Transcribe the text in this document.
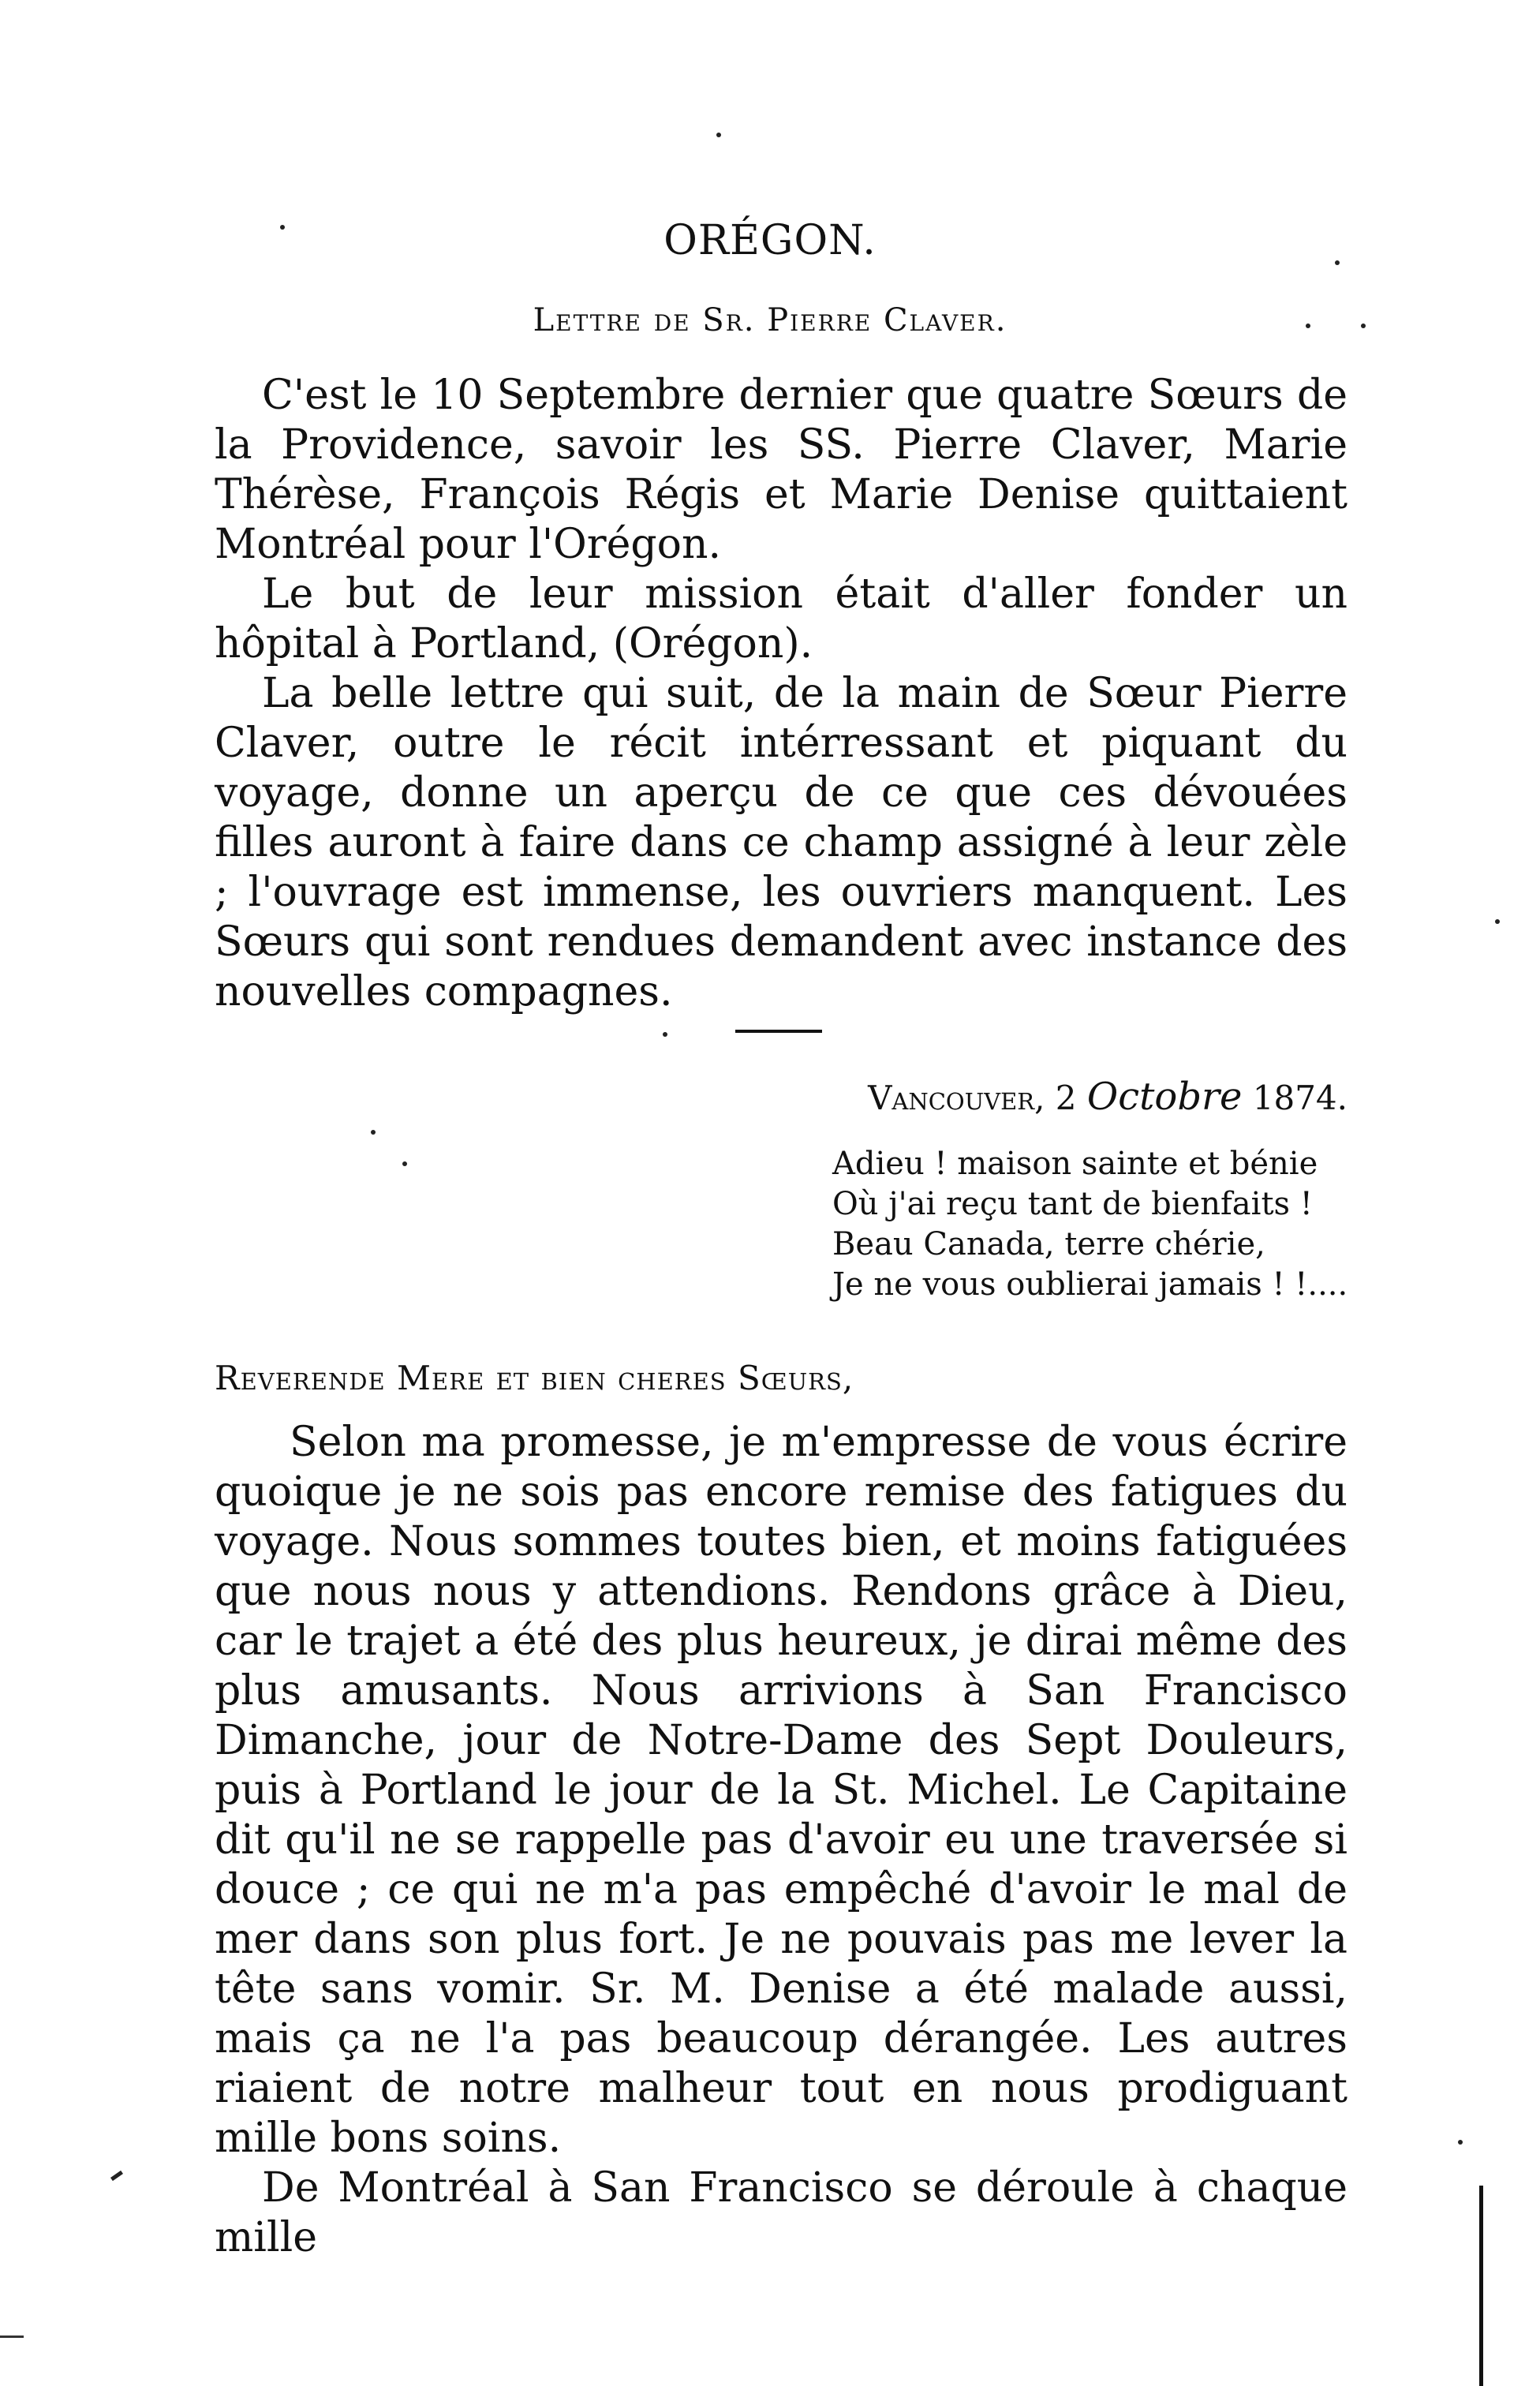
ORÉGON.
Lettre de Sr. Pierre Claver.

C'est le 10 Septembre dernier que quatre Sœurs de la Providence, savoir les SS. Pierre Claver, Marie Thérèse, François Régis et Marie Denise quittaient Montréal pour l'Orégon.

Le but de leur mission était d'aller fonder un hôpital à Portland, (Orégon).

La belle lettre qui suit, de la main de Sœur Pierre Claver, outre le récit intérressant et piquant du voyage, donne un aperçu de ce que ces dévouées filles auront à faire dans ce champ assigné à leur zèle ; l'ouvrage est immense, les ouvriers manquent. Les Sœurs qui sont rendues demandent avec instance des nouvelles compagnes.

Vancouver, 2 Octobre 1874.
Adieu ! maison sainte et bénie
Où j'ai reçu tant de bienfaits !
Beau Canada, terre chérie,
Je ne vous oublierai jamais ! !....
Reverende Mere et bien cheres Sœurs,

Selon ma promesse, je m'empresse de vous écrire quoique je ne sois pas encore remise des fatigues du voyage. Nous sommes toutes bien, et moins fatiguées que nous nous y attendions. Rendons grâce à Dieu, car le trajet a été des plus heureux, je dirai même des plus amusants. Nous arrivions à San Francisco Dimanche, jour de Notre-Dame des Sept Douleurs, puis à Portland le jour de la St. Michel. Le Capitaine dit qu'il ne se rappelle pas d'avoir eu une traversée si douce ; ce qui ne m'a pas empêché d'avoir le mal de mer dans son plus fort. Je ne pouvais pas me lever la tête sans vomir. Sr. M. Denise a été malade aussi, mais ça ne l'a pas beaucoup dérangée. Les autres riaient de notre malheur tout en nous prodiguant mille bons soins.

De Montréal à San Francisco se déroule à chaque mille
